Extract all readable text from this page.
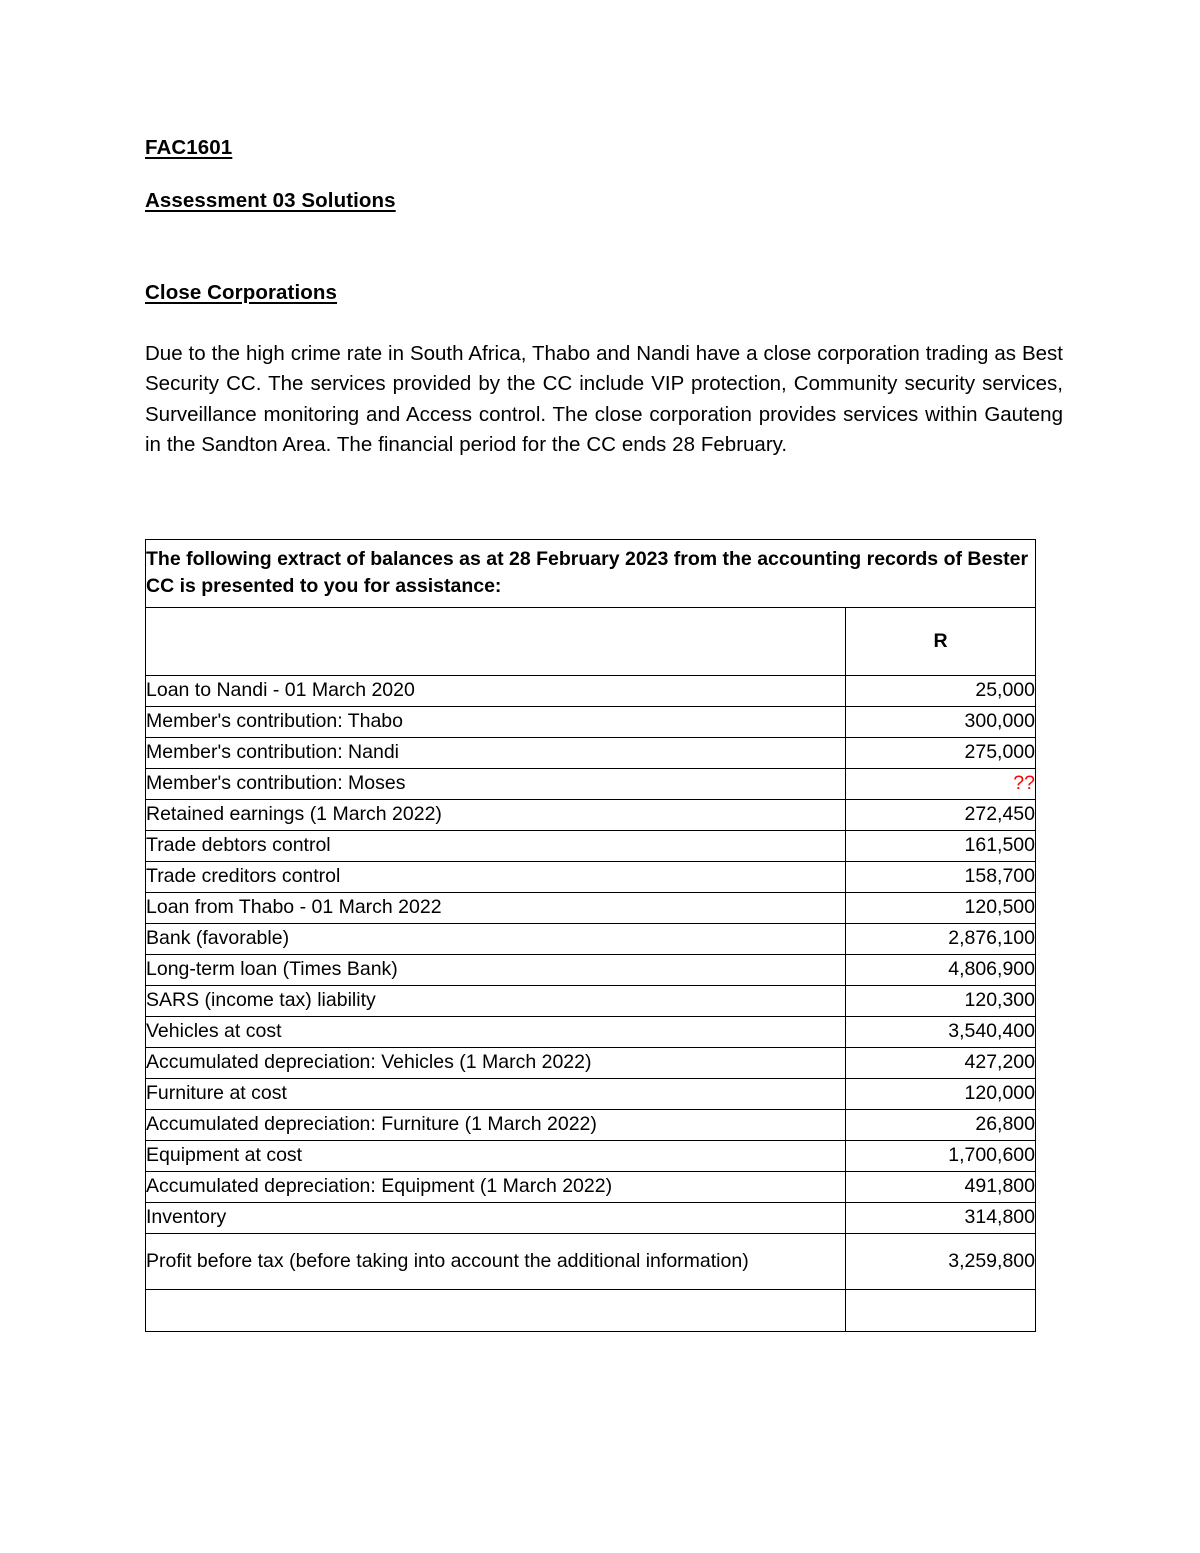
FAC1601
Assessment 03 Solutions
Close Corporations

Due to the high crime rate in South Africa, Thabo and Nandi have a close corporation trading as Best Security CC. The services provided by the CC include VIP protection, Community security services, Surveillance monitoring and Access control. The close corporation provides services within Gauteng in the Sandton Area. The financial period for the CC ends 28 February.

The following extract of balances as at 28 February 2023 from the accounting records of Bester CC is presented to you for assistance:	
	R
Loan to Nandi - 01 March 2020	25,000
Member's contribution: Thabo	300,000
Member's contribution: Nandi	275,000
Member's contribution: Moses	??
Retained earnings (1 March 2022)	272,450
Trade debtors control	161,500
Trade creditors control	158,700
Loan from Thabo - 01 March 2022	120,500
Bank (favorable)	2,876,100
Long-term loan (Times Bank)	4,806,900
SARS (income tax) liability	120,300
Vehicles at cost	3,540,400
Accumulated depreciation: Vehicles (1 March 2022)	427,200
Furniture at cost	120,000
Accumulated depreciation: Furniture (1 March 2022)	26,800
Equipment at cost	1,700,600
Accumulated depreciation: Equipment (1 March 2022)	491,800
Inventory	314,800
Profit before tax (before taking into account the additional information)	3,259,800
